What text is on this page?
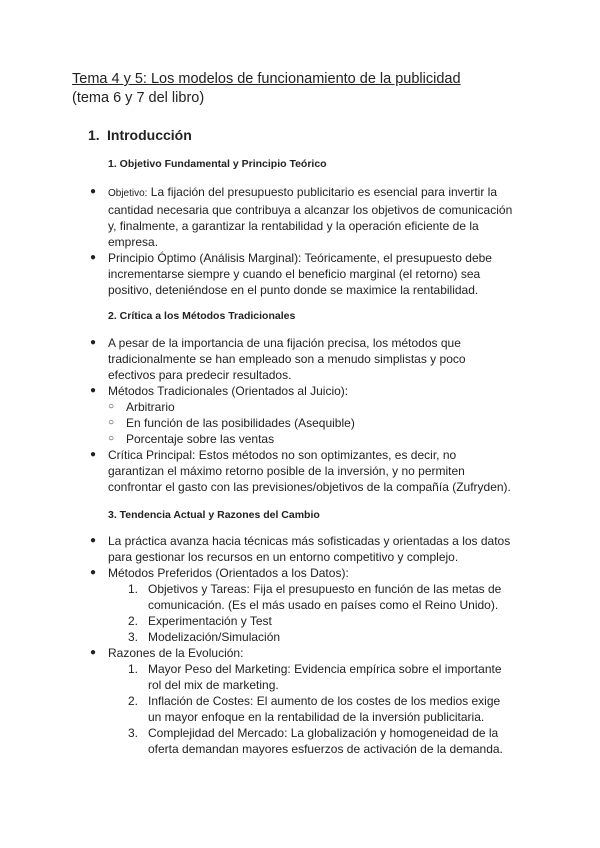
Tema 4 y 5: Los modelos de funcionamiento de la publicidad
(tema 6 y 7 del libro)
1. Introducción
1. Objetivo Fundamental y Principio Teórico
● Objetivo: La fijación del presupuesto publicitario es esencial para invertir la cantidad necesaria que contribuya a alcanzar los objetivos de comunicación y, finalmente, a garantizar la rentabilidad y la operación eficiente de la empresa.
● Principio Óptimo (Análisis Marginal): Teóricamente, el presupuesto debe incrementarse siempre y cuando el beneficio marginal (el retorno) sea positivo, deteniéndose en el punto donde se maximice la rentabilidad.
2. Crítica a los Métodos Tradicionales
● A pesar de la importancia de una fijación precisa, los métodos que tradicionalmente se han empleado son a menudo simplistas y poco efectivos para predecir resultados.
● Métodos Tradicionales (Orientados al Juicio):
○ Arbitrario
○ En función de las posibilidades (Asequible)
○ Porcentaje sobre las ventas
● Crítica Principal: Estos métodos no son optimizantes, es decir, no garantizan el máximo retorno posible de la inversión, y no permiten confrontar el gasto con las previsiones/objetivos de la compañía (Zufryden).
3. Tendencia Actual y Razones del Cambio
● La práctica avanza hacia técnicas más sofisticadas y orientadas a los datos para gestionar los recursos en un entorno competitivo y complejo.
● Métodos Preferidos (Orientados a los Datos):
1. Objetivos y Tareas: Fija el presupuesto en función de las metas de comunicación. (Es el más usado en países como el Reino Unido).
2. Experimentación y Test
3. Modelización/Simulación
● Razones de la Evolución:
1. Mayor Peso del Marketing: Evidencia empírica sobre el importante rol del mix de marketing.
2. Inflación de Costes: El aumento de los costes de los medios exige un mayor enfoque en la rentabilidad de la inversión publicitaria.
3. Complejidad del Mercado: La globalización y homogeneidad de la oferta demandan mayores esfuerzos de activación de la demanda.
